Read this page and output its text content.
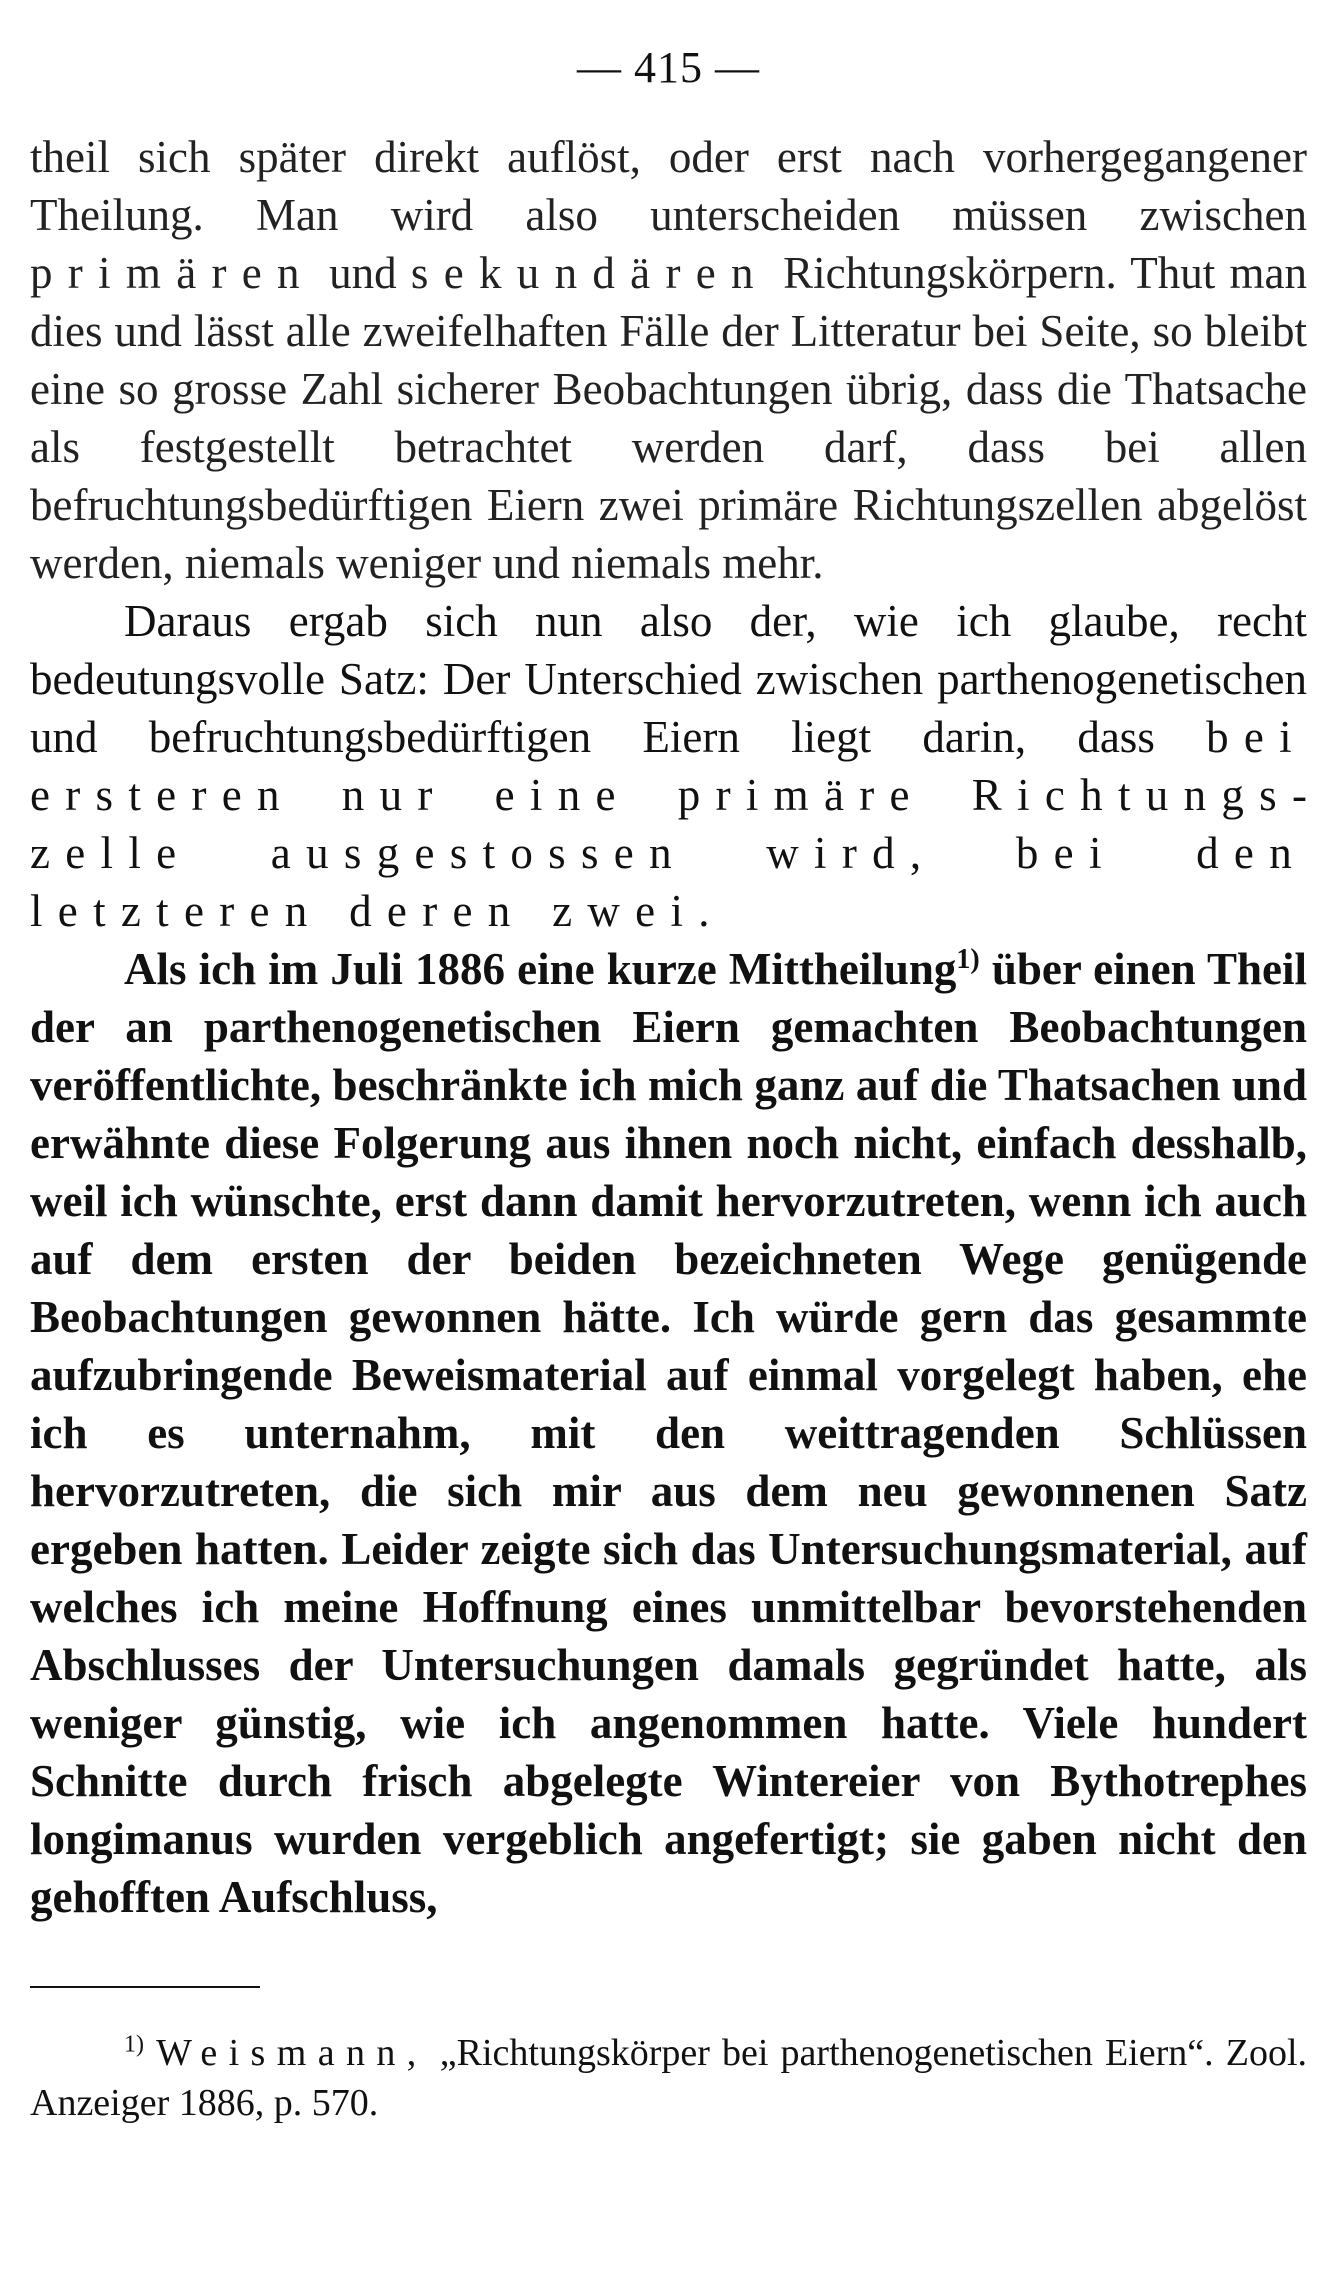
— 415 —

theil sich später direkt auflöst, oder erst nach vorhergegangener Theilung. Man wird also unterscheiden müssen zwischen primären und sekundären Richtungskörpern. Thut man dies und lässt alle zweifelhaften Fälle der Litteratur bei Seite, so bleibt eine so grosse Zahl sicherer Beobachtungen übrig, dass die Thatsache als festgestellt betrachtet werden darf, dass bei allen befruchtungsbedürftigen Eiern zwei primäre Richtungszellen abgelöst werden, niemals weniger und niemals mehr.

Daraus ergab sich nun also der, wie ich glaube, recht bedeutungsvolle Satz: Der Unterschied zwischen parthenogenetischen und befruchtungsbedürftigen Eiern liegt darin, dass bei ersteren nur eine primäre Richtungszelle ausgestossen wird, bei den letzteren deren zwei.

Als ich im Juli 1886 eine kurze Mittheilung$^{1)}$ über einen Theil der an parthenogenetischen Eiern gemachten Beobachtungen veröffentlichte, beschränkte ich mich ganz auf die Thatsachen und erwähnte diese Folgerung aus ihnen noch nicht, einfach desshalb, weil ich wünschte, erst dann damit hervorzutreten, wenn ich auch auf dem ersten der beiden bezeichneten Wege genügende Beobachtungen gewonnen hätte. Ich würde gern das gesammte aufzubringende Beweismaterial auf einmal vorgelegt haben, ehe ich es unternahm, mit den weittragenden Schlüssen hervorzutreten, die sich mir aus dem neu gewonnenen Satz ergeben hatten. Leider zeigte sich das Untersuchungsmaterial, auf welches ich meine Hoffnung eines unmittelbar bevorstehenden Abschlusses der Untersuchungen damals gegründet hatte, als weniger günstig, wie ich angenommen hatte. Viele hundert Schnitte durch frisch abgelegte Wintereier von Bythotrephes longimanus wurden vergeblich angefertigt; sie gaben nicht den gehofften Aufschluss,

$^{1)}$ Weismann, „Richtungskörper bei parthenogenetischen Eiern“. Zool. Anzeiger 1886, p. 570.
